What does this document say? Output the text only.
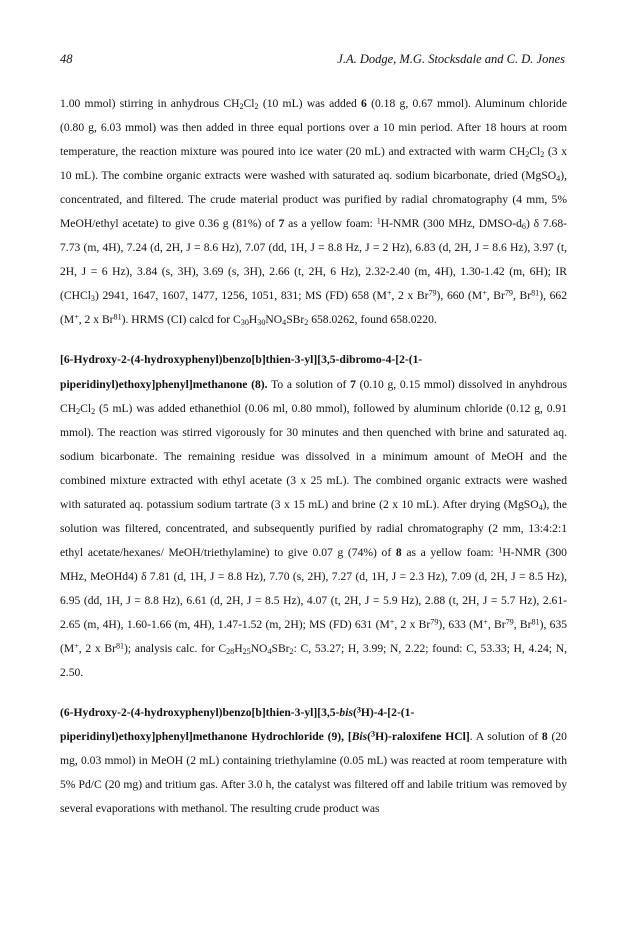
48	J.A. Dodge, M.G. Stocksdale and C. D. Jones

1.00 mmol) stirring in anhydrous $CH_2Cl_2$ (10 mL) was added 6 (0.18 g, 0.67 mmol). Aluminum chloride (0.80 g, 6.03 mmol) was then added in three equal portions over a 10 min period. After 18 hours at room temperature, the reaction mixture was poured into ice water (20 mL) and extracted with warm $CH_2Cl_2$ (3 x 10 mL). The combine organic extracts were washed with saturated aq. sodium bicarbonate, dried (MgSO$_4$), concentrated, and filtered. The crude material product was purified by radial chromatography (4 mm, 5% MeOH/ethyl acetate) to give 0.36 g (81%) of 7 as a yellow foam: $^1$H-NMR (300 MHz, DMSO-$d_6$) δ 7.68-7.73 (m, 4H), 7.24 (d, 2H, J = 8.6 Hz), 7.07 (dd, 1H, J = 8.8 Hz, J = 2 Hz), 6.83 (d, 2H, J = 8.6 Hz), 3.97 (t, 2H, J = 6 Hz), 3.84 (s, 3H), 3.69 (s, 3H), 2.66 (t, 2H, 6 Hz), 2.32-2.40 (m, 4H), 1.30-1.42 (m, 6H); IR (CHCl$_3$) 2941, 1647, 1607, 1477, 1256, 1051, 831; MS (FD) 658 (M+, 2 x Br$^{79}$), 660 (M+, Br$^{79}$, Br$^{81}$), 662 (M+, 2 x Br$^{81}$). HRMS (CI) calcd for $C_{30}H_{30}NO_4SBr_2$ 658.0262, found 658.0220.

[6-Hydroxy-2-(4-hydroxyphenyl)benzo[b]thien-3-yl][3,5-dibromo-4-[2-(1-piperidinyl)ethoxy]phenyl]methanone (8). To a solution of 7 (0.10 g, 0.15 mmol) dissolved in anyhdrous $CH_2Cl_2$ (5 mL) was added ethanethiol (0.06 ml, 0.80 mmol), followed by aluminum chloride (0.12 g, 0.91 mmol). The reaction was stirred vigorously for 30 minutes and then quenched with brine and saturated aq. sodium bicarbonate. The remaining residue was dissolved in a minimum amount of MeOH and the combined mixture extracted with ethyl acetate (3 x 25 mL). The combined organic extracts were washed with saturated aq. potassium sodium tartrate (3 x 15 mL) and brine (2 x 10 mL). After drying (MgSO$_4$), the solution was filtered, concentrated, and subsequently purified by radial chromatography (2 mm, 13:4:2:1 ethyl acetate/hexanes/ MeOH/triethylamine) to give 0.07 g (74%) of 8 as a yellow foam: $^1$H-NMR (300 MHz, MeOHd4) δ 7.81 (d, 1H, J = 8.8 Hz), 7.70 (s, 2H), 7.27 (d, 1H, J = 2.3 Hz), 7.09 (d, 2H, J = 8.5 Hz), 6.95 (dd, 1H, J = 8.8 Hz), 6.61 (d, 2H, J = 8.5 Hz), 4.07 (t, 2H, J = 5.9 Hz), 2.88 (t, 2H, J = 5.7 Hz), 2.61-2.65 (m, 4H), 1.60-1.66 (m, 4H), 1.47-1.52 (m, 2H); MS (FD) 631 (M+, 2 x Br$^{79}$), 633 (M+, Br$^{79}$, Br$^{81}$), 635 (M+, 2 x Br$^{81}$); analysis calc. for $C_{28}H_{25}NO_4SBr_2$: C, 53.27; H, 3.99; N, 2.22; found: C, 53.33; H, 4.24; N, 2.50.

(6-Hydroxy-2-(4-hydroxyphenyl)benzo[b]thien-3-yl][3,5-bis($^3$H)-4-[2-(1-piperidinyl)ethoxy]phenyl]methanone Hydrochloride (9), [Bis($^3$H)-raloxifene HCl]. A solution of 8 (20 mg, 0.03 mmol) in MeOH (2 mL) containing triethylamine (0.05 mL) was reacted at room temperature with 5% Pd/C (20 mg) and tritium gas. After 3.0 h, the catalyst was filtered off and labile tritium was removed by several evaporations with methanol. The resulting crude product was
